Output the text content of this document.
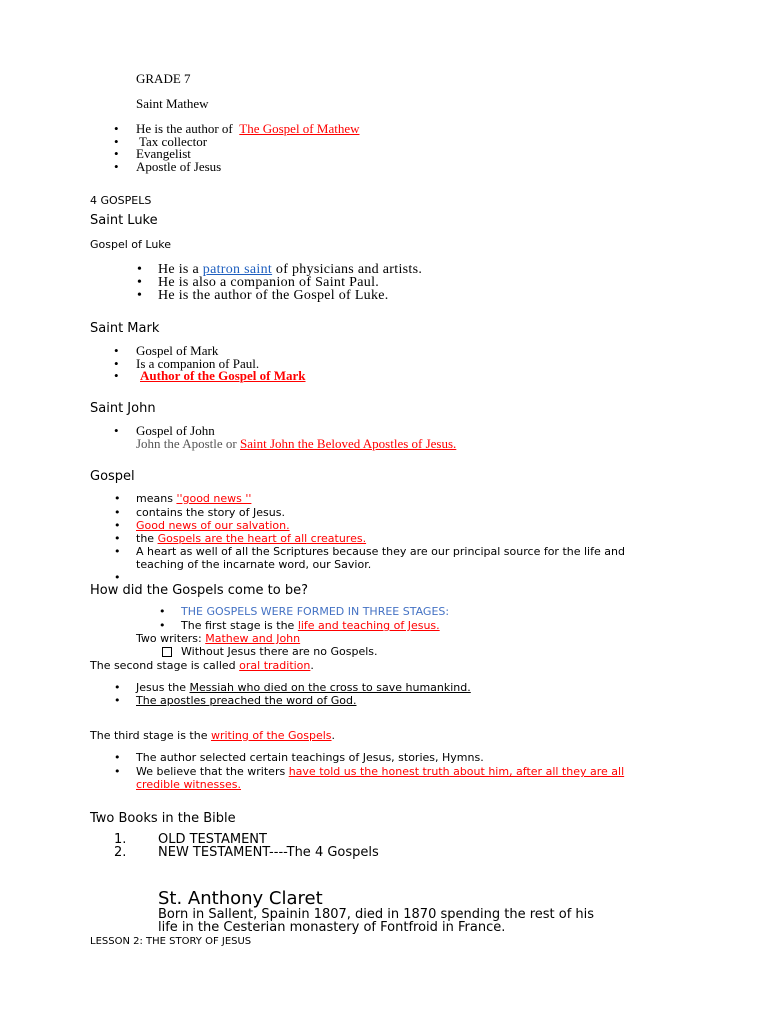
GRADE 7
Saint Mathew
• He is the author of  The Gospel of Mathew
• Tax collector
• Evangelist
• Apostle of Jesus
4 GOSPELS
Saint Luke
Gospel of Luke
• He is a patron saint of physicians and artists.
• He is also a companion of Saint Paul.
• He is the author of the Gospel of Luke.
Saint Mark
• Gospel of Mark
• Is a companion of Paul.
• Author of the Gospel of Mark
Saint John
• Gospel of John
John the Apostle or Saint John the Beloved Apostles of Jesus.
Gospel
• means ''good news ''
• contains the story of Jesus.
• Good news of our salvation.
• the Gospels are the heart of all creatures.
• A heart as well of all the Scriptures because they are our principal source for the life and
teaching of the incarnate word, our Savior.
•
How did the Gospels come to be?
• THE GOSPELS WERE FORMED IN THREE STAGES:
• The first stage is the life and teaching of Jesus.
Two writers: Mathew and John
Without Jesus there are no Gospels.
The second stage is called oral tradition.
• Jesus the Messiah who died on the cross to save humankind.
• The apostles preached the word of God.
The third stage is the writing of the Gospels.
• The author selected certain teachings of Jesus, stories, Hymns.
• We believe that the writers have told us the honest truth about him, after all they are all
credible witnesses.
Two Books in the Bible
1. OLD TESTAMENT
2. NEW TESTAMENT----The 4 Gospels
St. Anthony Claret
Born in Sallent, Spainin 1807, died in 1870 spending the rest of his
life in the Cesterian monastery of Fontfroid in France.
LESSON 2: THE STORY OF JESUS
